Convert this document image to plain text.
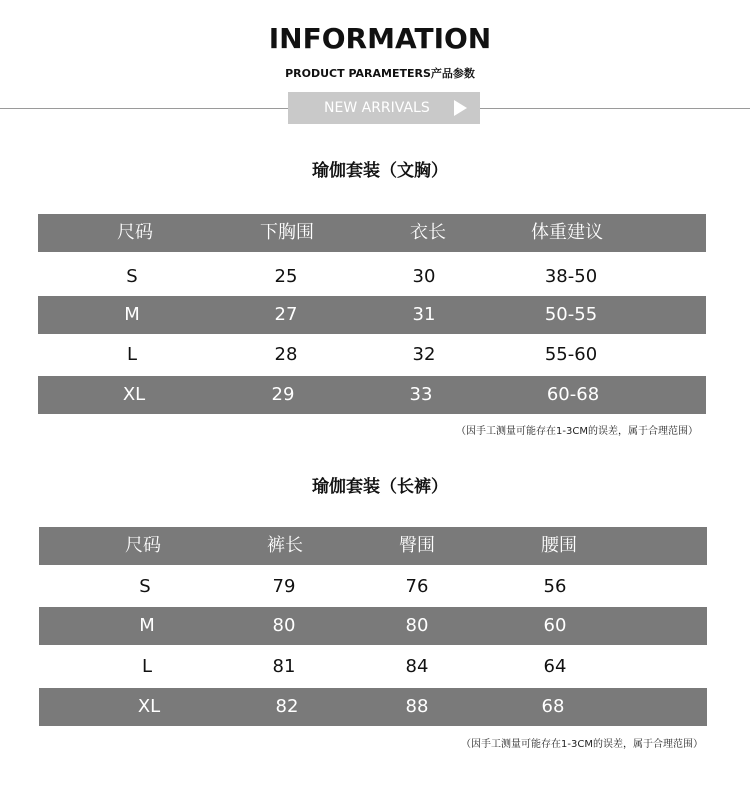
INFORMATION
PRODUCT PARAMETERS产品参数
NEW ARRIVALS
瑜伽套装（文胸）
尺码	下胸围	衣长	体重建议
S	25	30	38-50
M	27	31	50-55
L	28	32	55-60
XL	29	33	60-68
（因手工测量可能存在1-3CM的误差，属于合理范围）
瑜伽套装（长裤）
尺码	裤长	臀围	腰围
S	79	76	56
M	80	80	60
L	81	84	64
XL	82	88	68
（因手工测量可能存在1-3CM的误差，属于合理范围）
